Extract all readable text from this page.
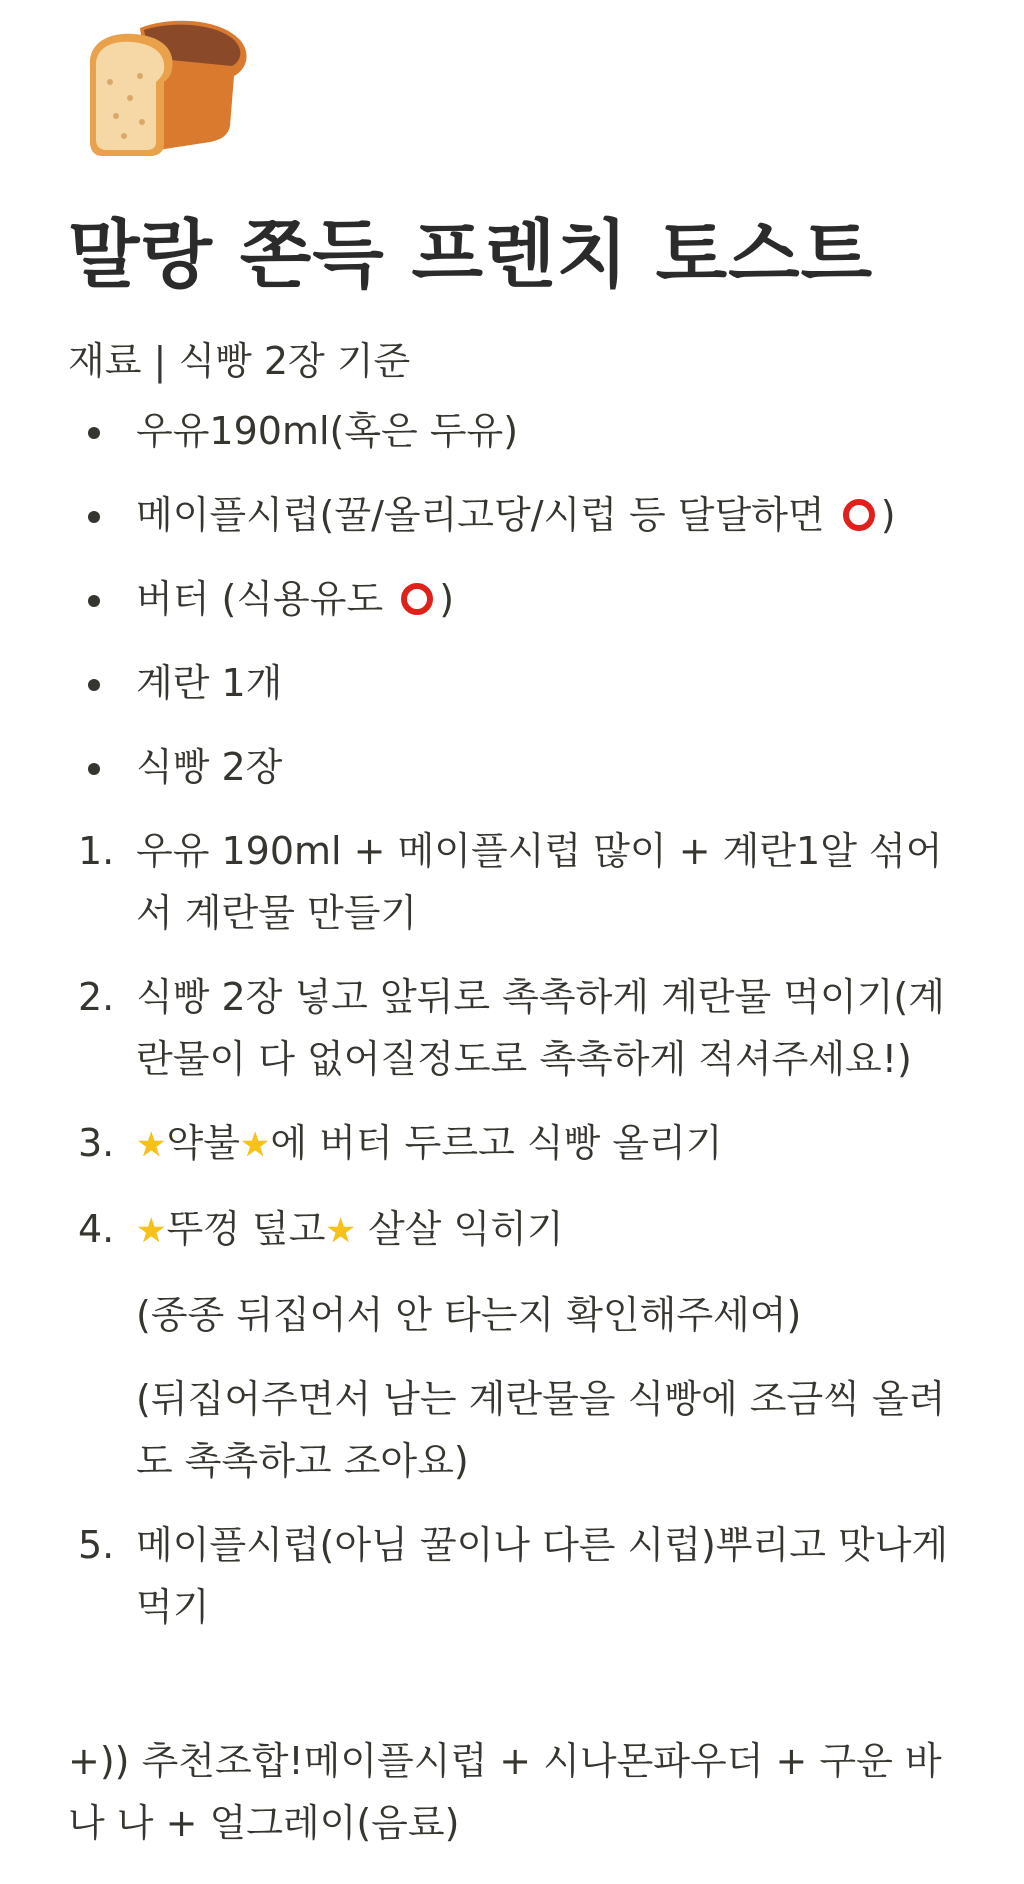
말랑 쫀득 프렌치 토스트
재료 | 식빵 2장 기준
우유190ml(혹은 두유)
메이플시럽(꿀/올리고당/시럽 등 달달하면 )
버터 (식용유도 )
계란 1개
식빵 2장
1. 우유 190ml + 메이플시럽 많이 + 계란1알 섞어 서 계란물 만들기
2. 식빵 2장 넣고 앞뒤로 촉촉하게 계란물 먹이기(계 란물이 다 없어질정도로 촉촉하게 적셔주세요!)
3. ★약불★에 버터 두르고 식빵 올리기
4. ★뚜껑 덮고★ 살살 익히기
(종종 뒤집어서 안 타는지 확인해주세여)
(뒤집어주면서 남는 계란물을 식빵에 조금씩 올려 도 촉촉하고 조아요)
5. 메이플시럽(아님 꿀이나 다른 시럽)뿌리고 맛나게 먹기
+)) 추천조합!메이플시럽 + 시나몬파우더 + 구운 바나 나 + 얼그레이(음료)
